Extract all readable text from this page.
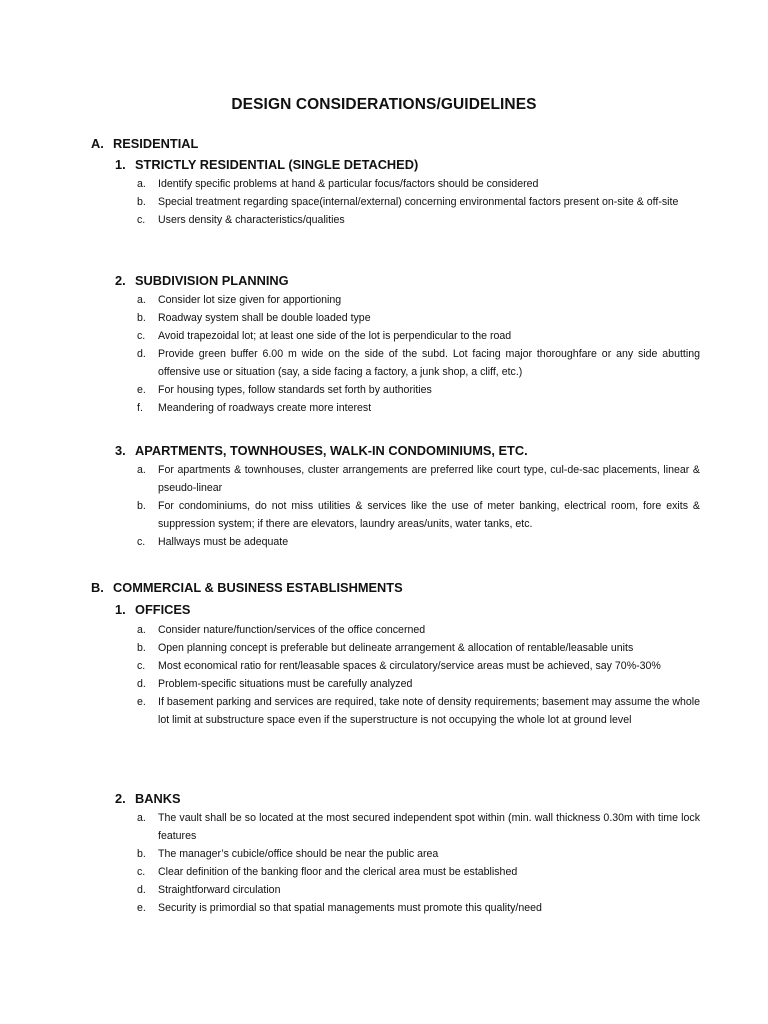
DESIGN CONSIDERATIONS/GUIDELINES
A. RESIDENTIAL
1. STRICTLY RESIDENTIAL (SINGLE DETACHED)
a.	Identify specific problems at hand & particular focus/factors should be considered
b.	Special treatment regarding space(internal/external) concerning environmental factors present on-site & off-site
c.	Users density & characteristics/qualities
2. SUBDIVISION PLANNING
a.	Consider lot size given for apportioning
b.	Roadway system shall be double loaded type
c.	Avoid trapezoidal lot; at least one side of the lot is perpendicular to the road
d.	Provide green buffer 6.00 m wide on the side of the subd. Lot facing major thoroughfare or any side abutting offensive use or situation (say, a side facing a factory, a junk shop, a cliff, etc.)
e.	For housing types, follow standards set forth by authorities
f.	Meandering of roadways create more interest
3. APARTMENTS, TOWNHOUSES, WALK-IN CONDOMINIUMS, ETC.
a.	For apartments & townhouses, cluster arrangements are preferred like court type, cul-de-sac placements, linear & pseudo-linear
b.	For condominiums, do not miss utilities & services like the use of meter banking, electrical room, fore exits & suppression system; if there are elevators, laundry areas/units, water tanks, etc.
c.	Hallways must be adequate
B. COMMERCIAL & BUSINESS ESTABLISHMENTS
1. OFFICES
a.	Consider nature/function/services of the office concerned
b.	Open planning concept is preferable but delineate arrangement & allocation of rentable/leasable units
c.	Most economical ratio for rent/leasable spaces & circulatory/service areas must be achieved, say 70%-30%
d.	Problem-specific situations must be carefully analyzed
e.	If basement parking and services are required, take note of density requirements; basement may assume the whole lot limit at substructure space even if the superstructure is not occupying the whole lot at ground level
2. BANKS
a.	The vault shall be so located at the most secured independent spot within (min. wall thickness 0.30m with time lock features
b.	The manager’s cubicle/office should be near the public area
c.	Clear definition of the banking floor and the clerical area must be established
d.	Straightforward circulation
e.	Security is primordial so that spatial managements must promote this quality/need
